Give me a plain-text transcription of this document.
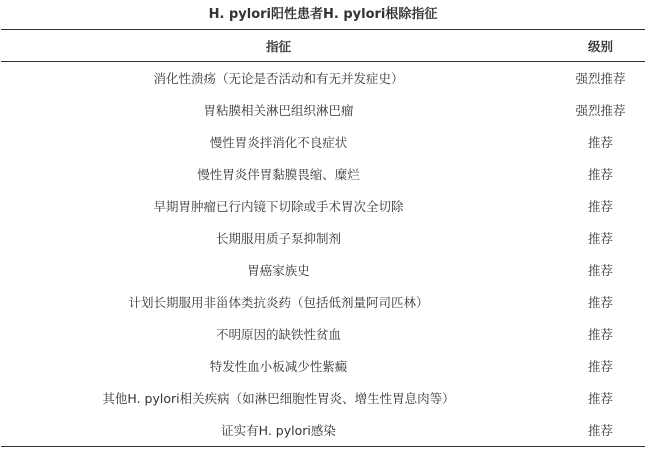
H. pylori阳性患者H. pylori根除指征
指征	级别

消化性溃疡（无论是否活动和有无并发症史）	强烈推荐
胃粘膜相关淋巴组织淋巴瘤	强烈推荐
慢性胃炎拌消化不良症状	推荐
慢性胃炎伴胃黏膜畏缩、糜烂	推荐
早期胃肿瘤已行内镜下切除或手术胃次全切除	推荐
长期服用质子泵抑制剂	推荐
胃癌家族史	推荐
计划长期服用非甾体类抗炎药（包括低剂量阿司匹林）	推荐
不明原因的缺铁性贫血	推荐
特发性血小板减少性紫癜	推荐
其他H. pylori相关疾病（如淋巴细胞性胃炎、增生性胃息肉等）	推荐
证实有H. pylori感染	推荐
